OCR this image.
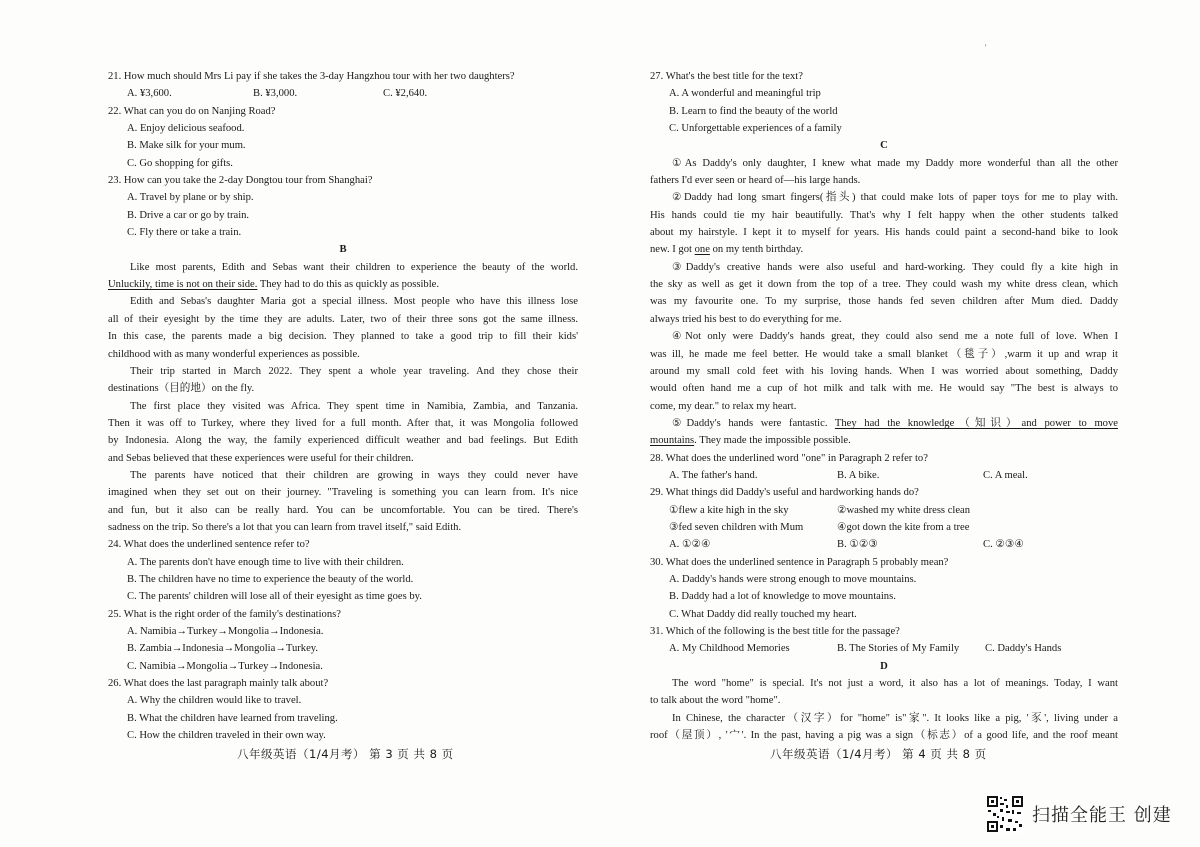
21. How much should Mrs Li pay if she takes the 3-day Hangzhou tour with her two daughters?
A. ¥3,600.	B. ¥3,000.	C. ¥2,640.
22. What can you do on Nanjing Road?
A. Enjoy delicious seafood.
B. Make silk for your mum.
C. Go shopping for gifts.
23. How can you take the 2-day Dongtou tour from Shanghai?
A. Travel by plane or by ship.
B. Drive a car or go by train.
C. Fly there or take a train.
B
Like most parents, Edith and Sebas want their children to experience the beauty of the world.
Unluckily, time is not on their side. They had to do this as quickly as possible.
Edith and Sebas's daughter Maria got a special illness. Most people who have this illness lose
all of their eyesight by the time they are adults. Later, two of their three sons got the same illness.
In this case, the parents made a big decision. They planned to take a good trip to fill their kids'
childhood with as many wonderful experiences as possible.
Their trip started in March 2022. They spent a whole year traveling. And they chose their
destinations（目的地）on the fly.
The first place they visited was Africa. They spent time in Namibia, Zambia, and Tanzania.
Then it was off to Turkey, where they lived for a full month. After that, it was Mongolia followed
by Indonesia. Along the way, the family experienced difficult weather and bad feelings. But Edith
and Sebas believed that these experiences were useful for their children.
The parents have noticed that their children are growing in ways they could never have
imagined when they set out on their journey. "Traveling is something you can learn from. It's nice
and fun, but it also can be really hard. You can be uncomfortable. You can be tired. There's
sadness on the trip. So there's a lot that you can learn from travel itself," said Edith.
24. What does the underlined sentence refer to?
A. The parents don't have enough time to live with their children.
B. The children have no time to experience the beauty of the world.
C. The parents' children will lose all of their eyesight as time goes by.
25. What is the right order of the family's destinations?
A. Namibia→Turkey→Mongolia→Indonesia.
B. Zambia→Indonesia→Mongolia→Turkey.
C. Namibia→Mongolia→Turkey→Indonesia.
26. What does the last paragraph mainly talk about?
A. Why the children would like to travel.
B. What the children have learned from traveling.
C. How the children traveled in their own way.
27. What's the best title for the text?
A. A wonderful and meaningful trip
B. Learn to find the beauty of the world
C. Unforgettable experiences of a family
C
①As Daddy's only daughter, I knew what made my Daddy more wonderful than all the other
fathers I'd ever seen or heard of—his large hands.
②Daddy had long smart fingers(指头) that could make lots of paper toys for me to play with.
His hands could tie my hair beautifully. That's why I felt happy when the other students talked
about my hairstyle. I kept it to myself for years. His hands could paint a second-hand bike to look
new. I got one on my tenth birthday.
③Daddy's creative hands were also useful and hard-working. They could fly a kite high in
the sky as well as get it down from the top of a tree. They could wash my white dress clean, which
was my favourite one. To my surprise, those hands fed seven children after Mum died. Daddy
always tried his best to do everything for me.
④Not only were Daddy's hands great, they could also send me a note full of love. When I
was ill, he made me feel better. He would take a small blanket（毯子）,warm it up and wrap it
around my small cold feet with his loving hands. When I was worried about something, Daddy
would often hand me a cup of hot milk and talk with me. He would say "The best is always to
come, my dear." to relax my heart.
⑤Daddy's hands were fantastic. They had the knowledge（知识）and power to move
mountains. They made the impossible possible.
28. What does the underlined word "one" in Paragraph 2 refer to?
A. The father's hand.	B. A bike.	C. A meal.
29. What things did Daddy's useful and hardworking hands do?
①flew a kite high in the sky	②washed my white dress clean
③fed seven children with Mum	④got down the kite from a tree
A. ①②④	B. ①②③	C. ②③④
30. What does the underlined sentence in Paragraph 5 probably mean?
A. Daddy's hands were strong enough to move mountains.
B. Daddy had a lot of knowledge to move mountains.
C. What Daddy did really touched my heart.
31. Which of the following is the best title for the passage?
A. My Childhood Memories	B. The Stories of My Family	C. Daddy's Hands
D
The word "home" is special. It's not just a word, it also has a lot of meanings. Today, I want
to talk about the word "home".
In Chinese, the character（汉字）for "home" is"家". It looks like a pig, '豕', living under a
roof（屋顶）, '宀'. In the past, having a pig was a sign（标志）of a good life, and the roof meant
八年级英语（1/4月考） 第 3 页 共 8 页	八年级英语（1/4月考） 第 4 页 共 8 页
'
扫描全能王 创建
